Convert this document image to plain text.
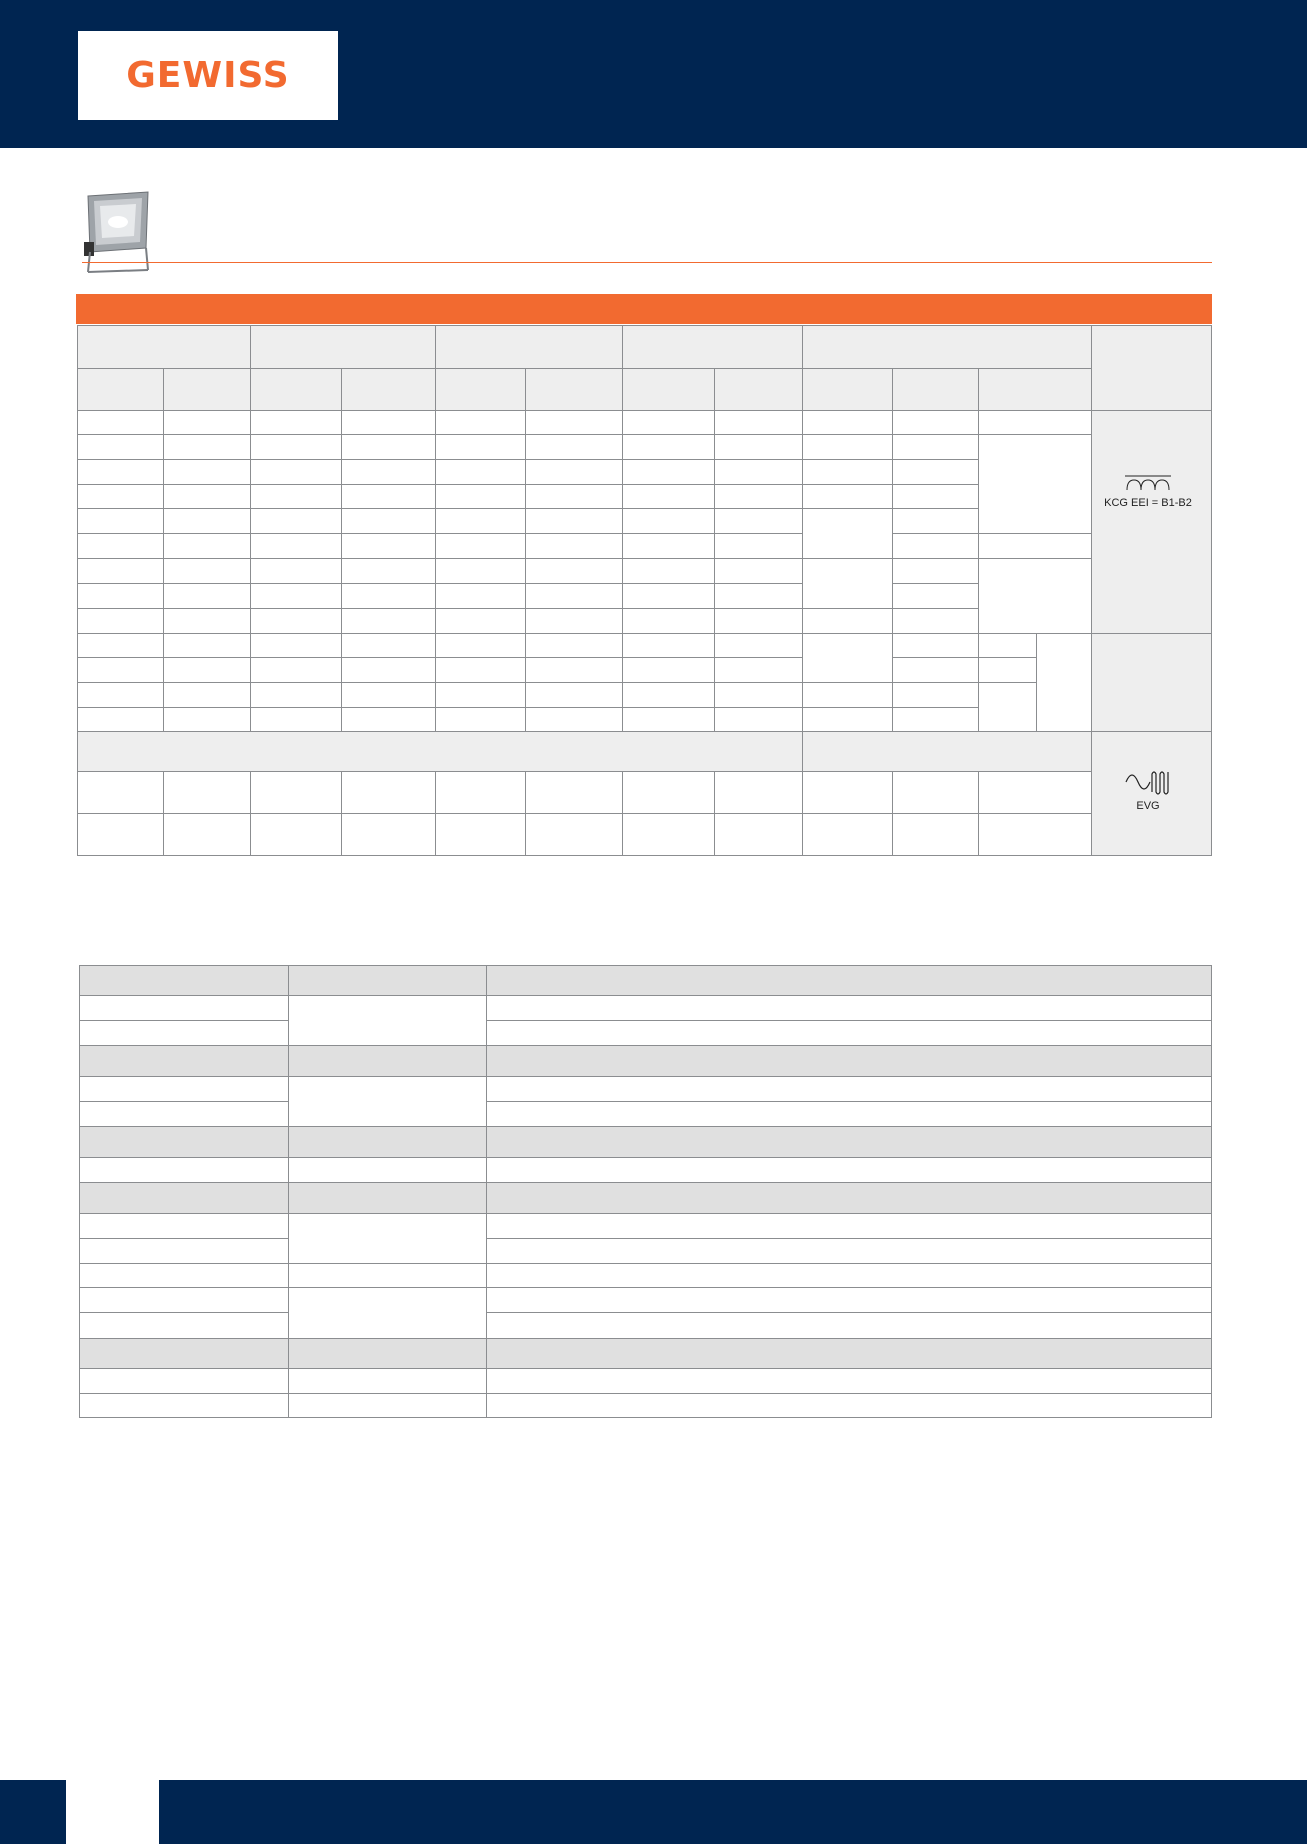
GEWISS
KCG EEI = B1-B2
EVG
